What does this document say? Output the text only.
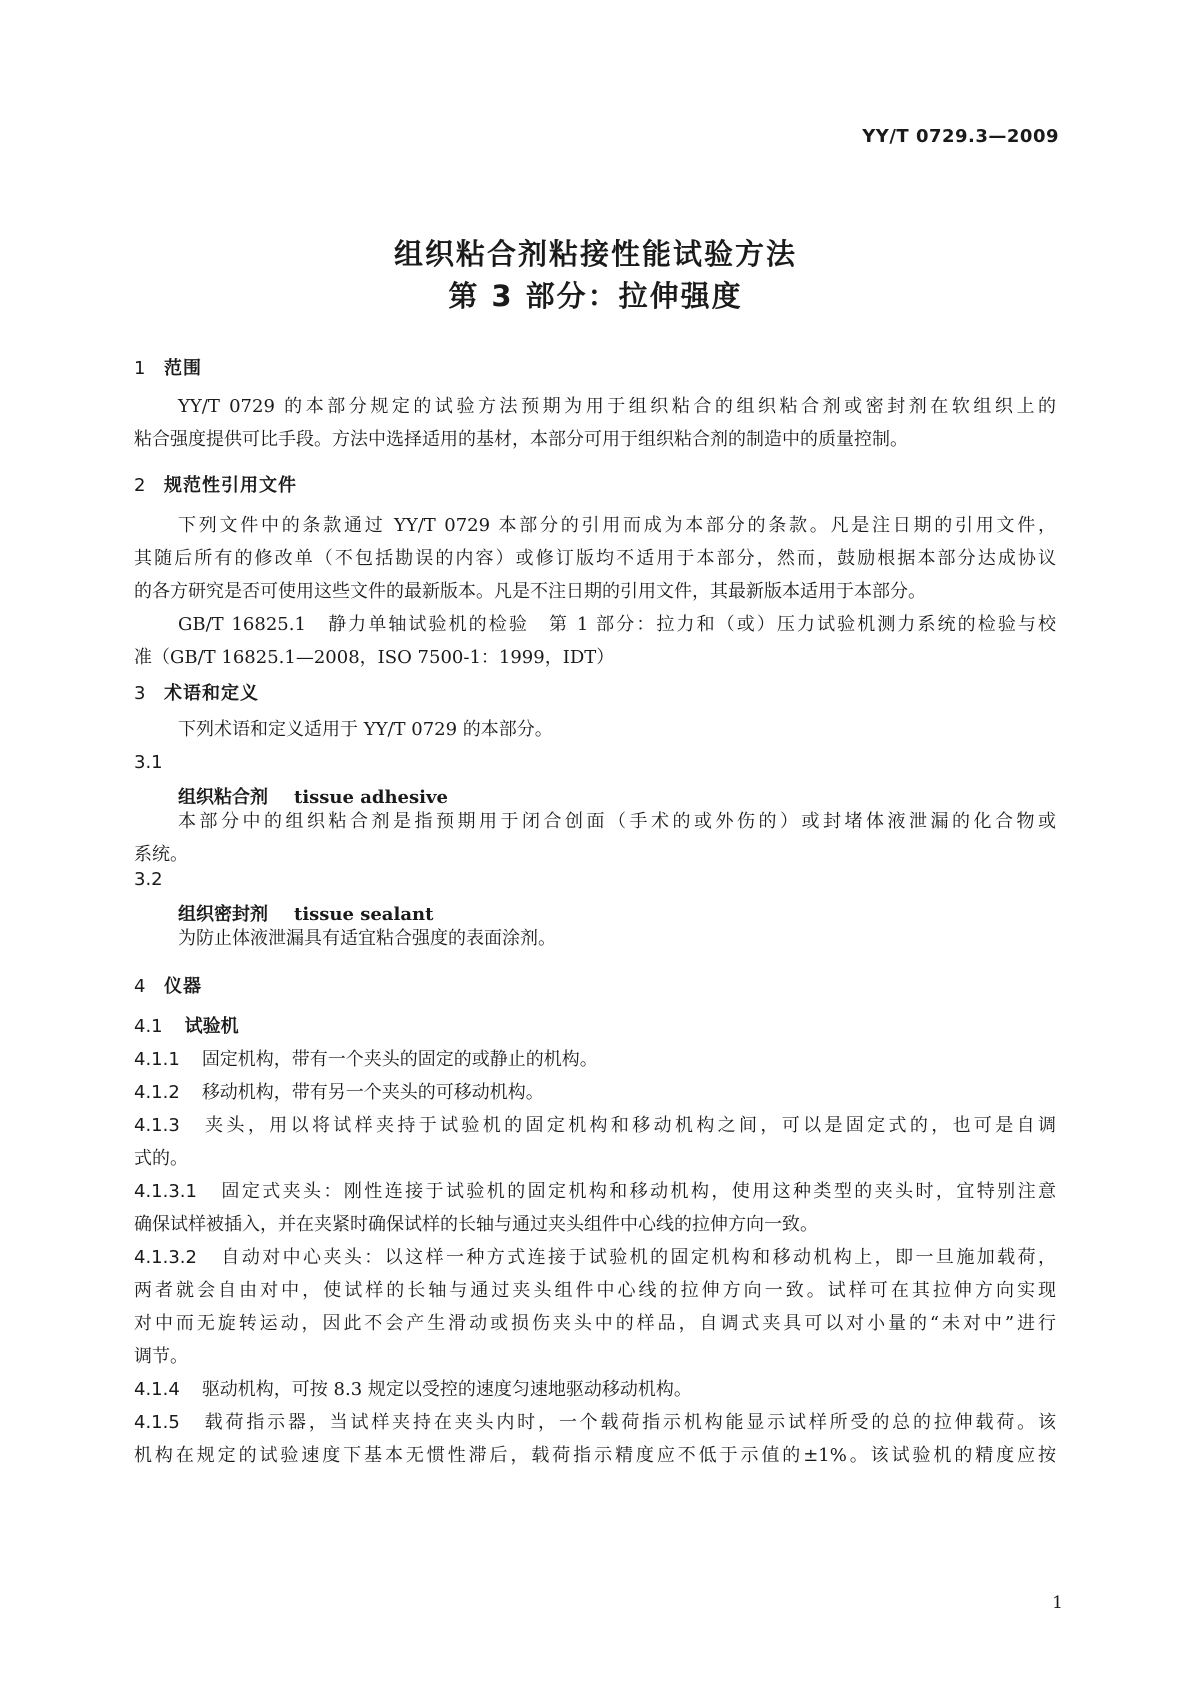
YY/T 0729.3—2009
组织粘合剂粘接性能试验方法
第 3 部分：拉伸强度
1 范围
YY/T 0729 的本部分规定的试验方法预期为用于组织粘合的组织粘合剂或密封剂在软组织上的
粘合强度提供可比手段。方法中选择适用的基材，本部分可用于组织粘合剂的制造中的质量控制。
2 规范性引用文件
下列文件中的条款通过 YY/T 0729 本部分的引用而成为本部分的条款。凡是注日期的引用文件，
其随后所有的修改单（不包括勘误的内容）或修订版均不适用于本部分，然而，鼓励根据本部分达成协议
的各方研究是否可使用这些文件的最新版本。凡是不注日期的引用文件，其最新版本适用于本部分。
GB/T 16825.1　静力单轴试验机的检验　第 1 部分：拉力和（或）压力试验机测力系统的检验与校
准（GB/T 16825.1—2008，ISO 7500-1：1999，IDT）
3 术语和定义
下列术语和定义适用于 YY/T 0729 的本部分。
3.1
组织粘合剂 tissue adhesive
本部分中的组织粘合剂是指预期用于闭合创面（手术的或外伤的）或封堵体液泄漏的化合物或
系统。
3.2
组织密封剂 tissue sealant
为防止体液泄漏具有适宜粘合强度的表面涂剂。
4 仪器
4.1 试验机
4.1.1 固定机构，带有一个夹头的固定的或静止的机构。
4.1.2 移动机构，带有另一个夹头的可移动机构。
4.1.3 夹头，用以将试样夹持于试验机的固定机构和移动机构之间，可以是固定式的，也可是自调
式的。
4.1.3.1 固定式夹头：刚性连接于试验机的固定机构和移动机构，使用这种类型的夹头时，宜特别注意
确保试样被插入，并在夹紧时确保试样的长轴与通过夹头组件中心线的拉伸方向一致。
4.1.3.2 自动对中心夹头：以这样一种方式连接于试验机的固定机构和移动机构上，即一旦施加载荷，
两者就会自由对中，使试样的长轴与通过夹头组件中心线的拉伸方向一致。试样可在其拉伸方向实现
对中而无旋转运动，因此不会产生滑动或损伤夹头中的样品，自调式夹具可以对小量的“未对中”进行
调节。
4.1.4 驱动机构，可按 8.3 规定以受控的速度匀速地驱动移动机构。
4.1.5 载荷指示器，当试样夹持在夹头内时，一个载荷指示机构能显示试样所受的总的拉伸载荷。该
机构在规定的试验速度下基本无惯性滞后，载荷指示精度应不低于示值的±1%。该试验机的精度应按
1
